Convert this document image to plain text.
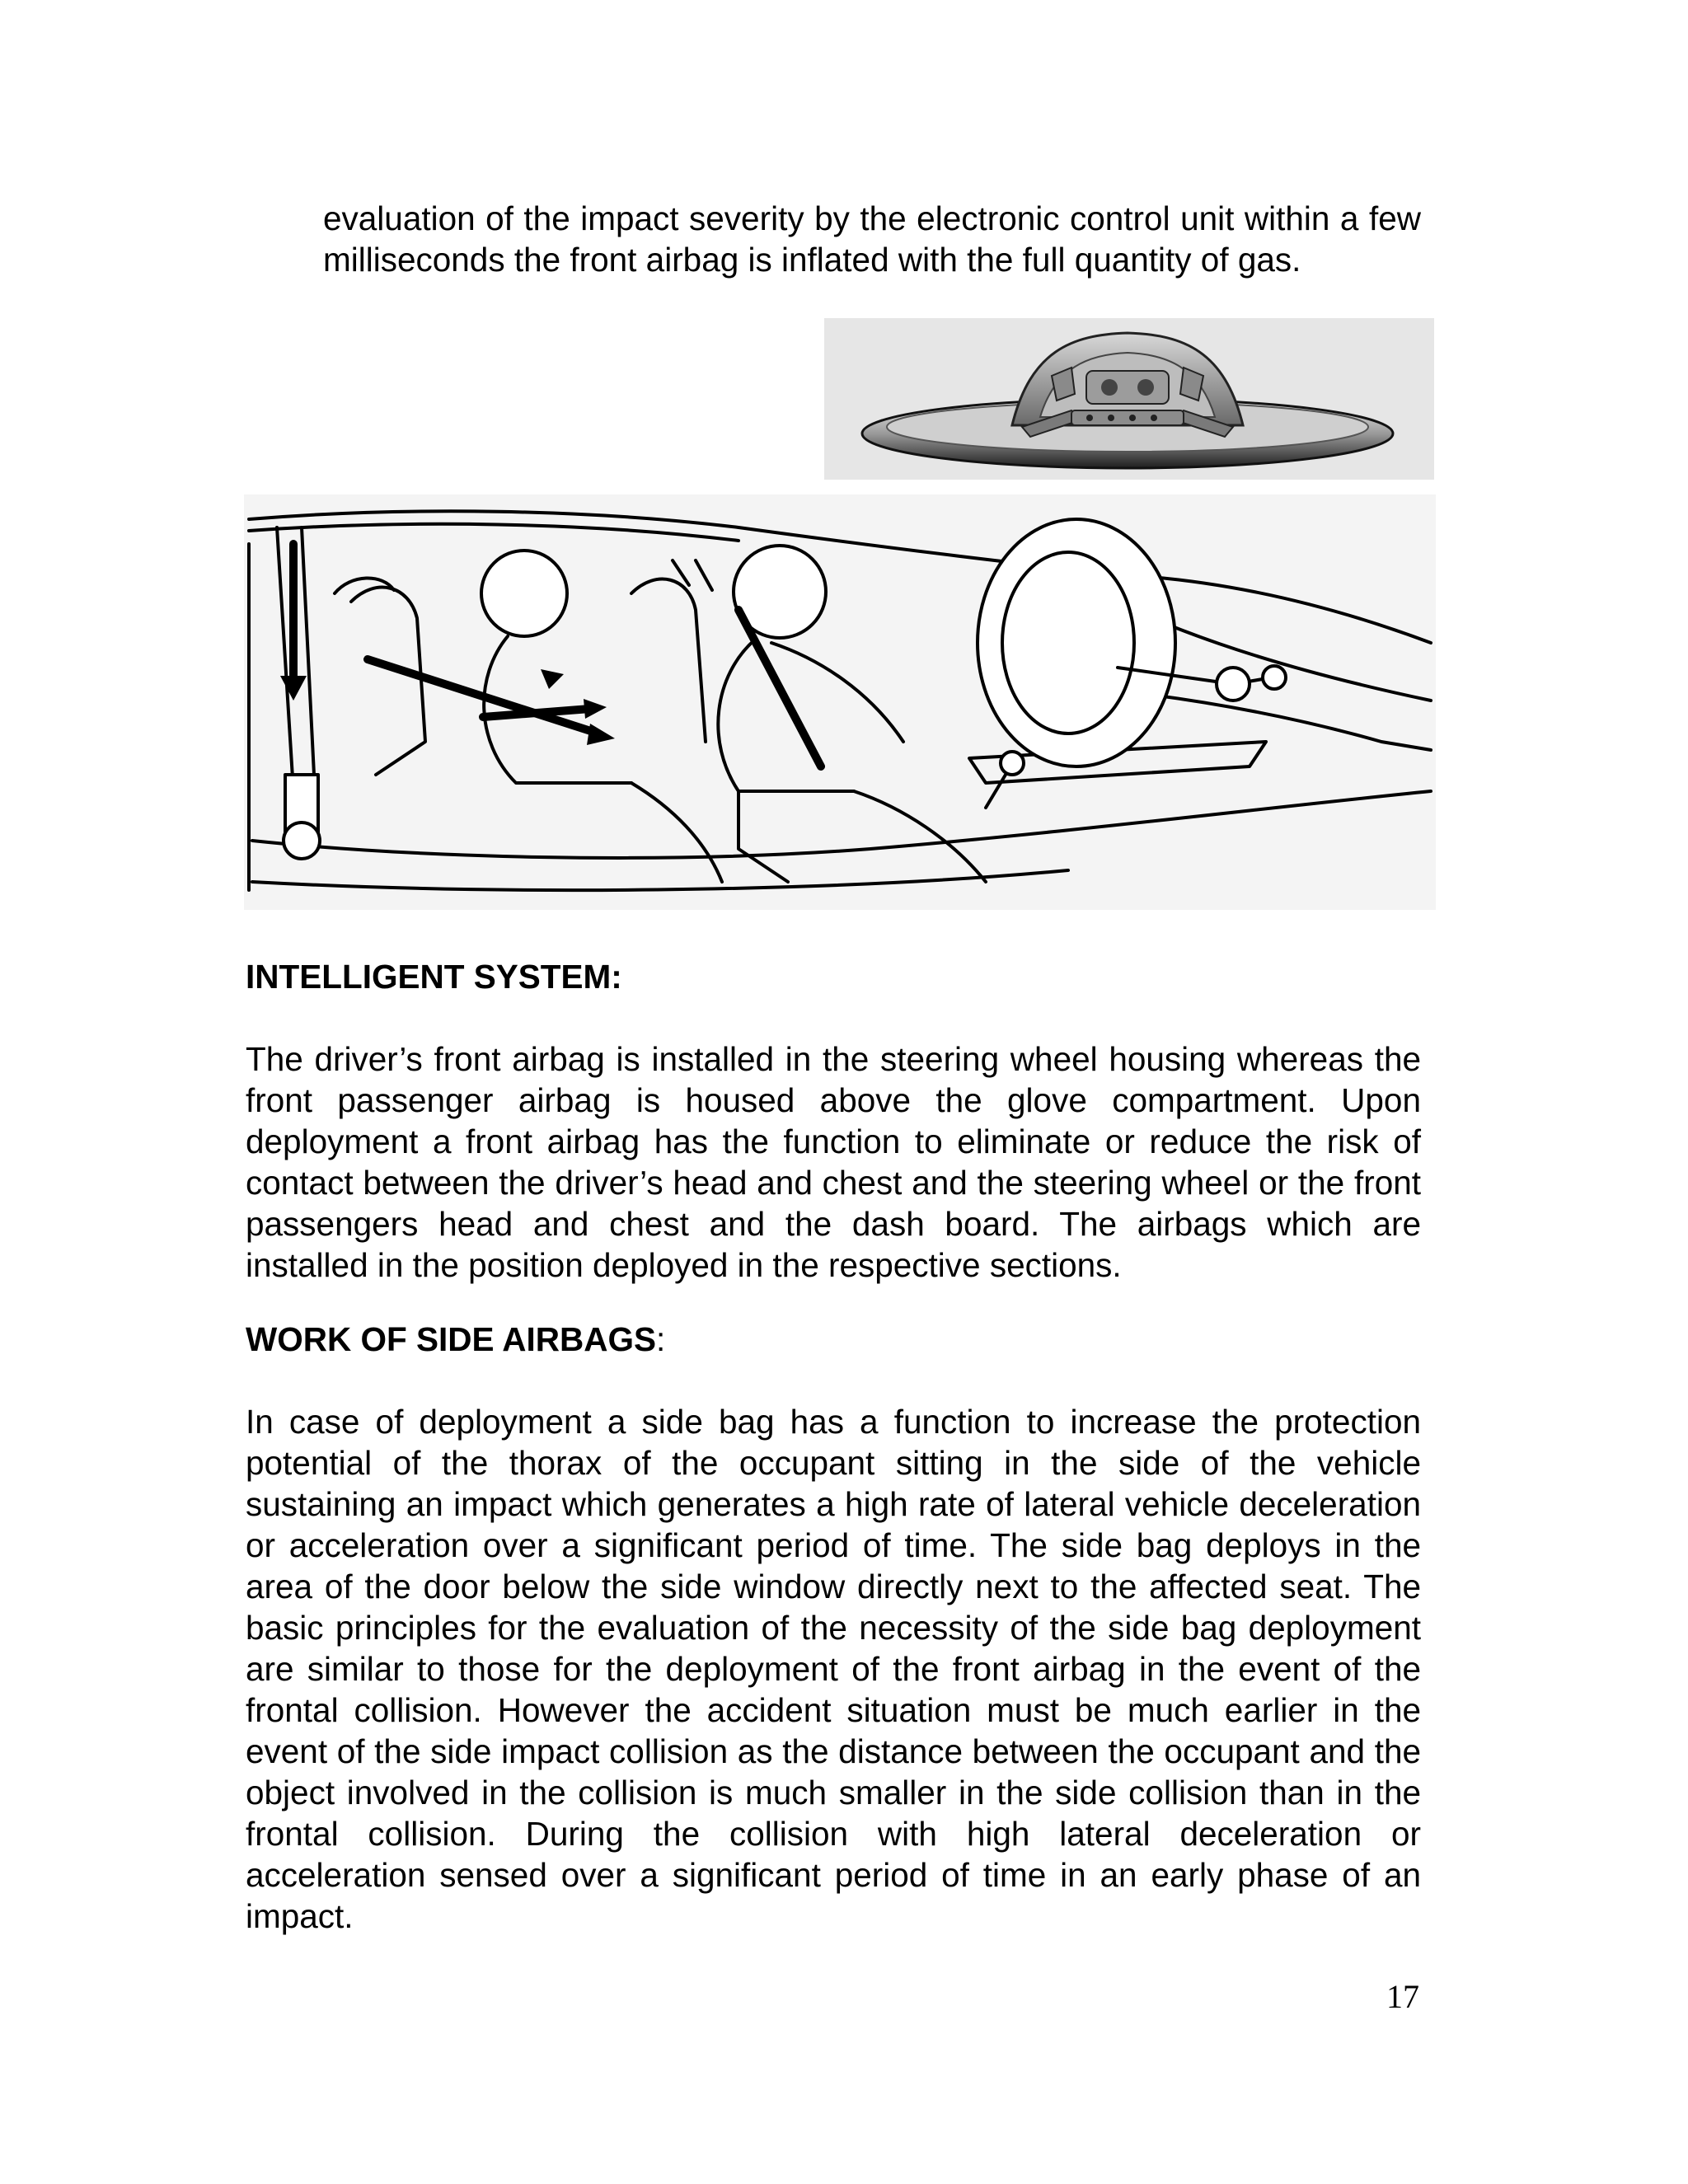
evaluation of the impact severity by the electronic control unit within a few milliseconds the front airbag is inflated with the full quantity of gas.

INTELLIGENT SYSTEM:

The driver’s front airbag is installed in the steering wheel housing whereas the front passenger airbag is housed above the glove compartment. Upon deployment a front airbag has the function to eliminate or reduce the risk of contact between the driver’s head and chest and the steering wheel or the front passengers head and chest and the dash board. The airbags which are installed in the position deployed in the respective sections.

WORK OF SIDE AIRBAGS:

In case of deployment a side bag has a function to increase the protection potential of the thorax of the occupant sitting in the side of the vehicle sustaining an impact which generates a high rate of lateral vehicle deceleration or acceleration over a significant period of time. The side bag deploys in the area of the door below the side window directly next to the affected seat. The basic principles for the evaluation of the necessity of the side bag deployment are similar to those for the deployment of the front airbag in the event of the frontal collision. However the accident situation must be much earlier in the event of the side impact collision as the distance between the occupant and the object involved in the collision is much smaller in the side collision than in the frontal collision. During the collision with high lateral deceleration or acceleration sensed over a significant period of time in an early phase of an impact.

17
